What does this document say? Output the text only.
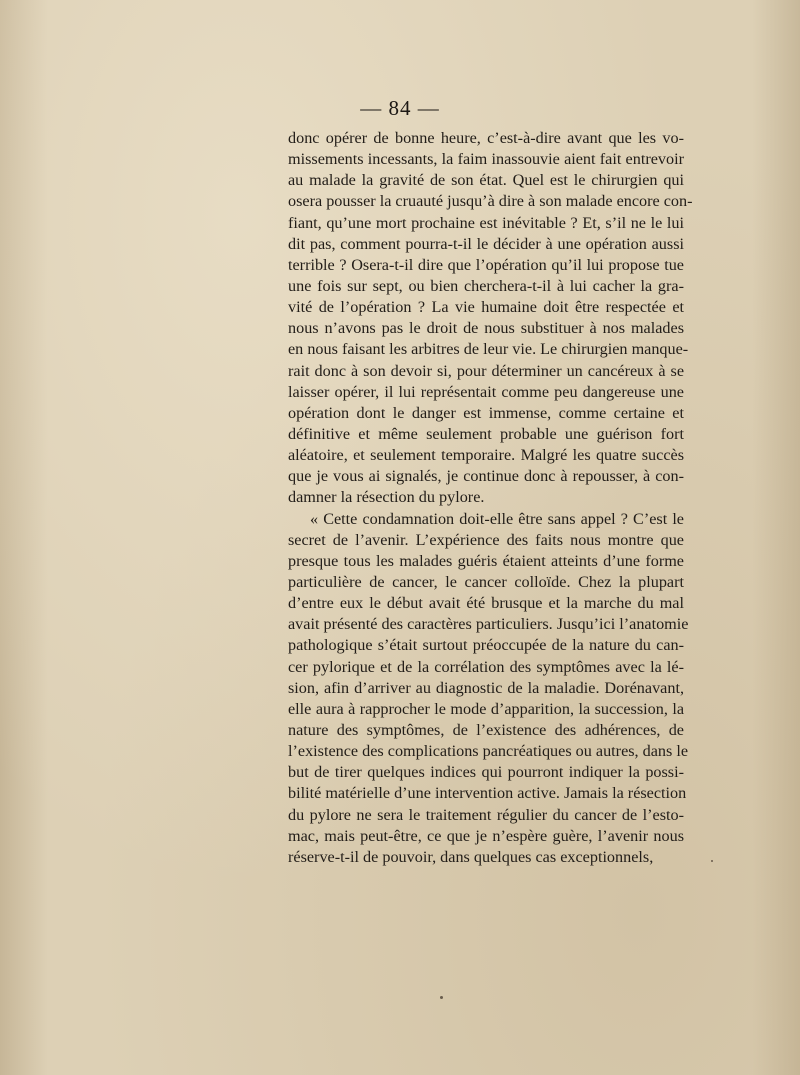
— 84 —
donc opérer de bonne heure, c’est-à-dire avant que les vo-
missements incessants, la faim inassouvie aient fait entrevoir
au malade la gravité de son état. Quel est le chirurgien qui
osera pousser la cruauté jusqu’à dire à son malade encore con-
fiant, qu’une mort prochaine est inévitable ? Et, s’il ne le lui
dit pas, comment pourra-t-il le décider à une opération aussi
terrible ? Osera-t-il dire que l’opération qu’il lui propose tue
une fois sur sept, ou bien cherchera-t-il à lui cacher la gra-
vité de l’opération ? La vie humaine doit être respectée et
nous n’avons pas le droit de nous substituer à nos malades
en nous faisant les arbitres de leur vie. Le chirurgien manque-
rait donc à son devoir si, pour déterminer un cancéreux à se
laisser opérer, il lui représentait comme peu dangereuse une
opération dont le danger est immense, comme certaine et
définitive et même seulement probable une guérison fort
aléatoire, et seulement temporaire. Malgré les quatre succès
que je vous ai signalés, je continue donc à repousser, à con-
damner la résection du pylore.
« Cette condamnation doit-elle être sans appel ? C’est le
secret de l’avenir. L’expérience des faits nous montre que
presque tous les malades guéris étaient atteints d’une forme
particulière de cancer, le cancer colloïde. Chez la plupart
d’entre eux le début avait été brusque et la marche du mal
avait présenté des caractères particuliers. Jusqu’ici l’anatomie
pathologique s’était surtout préoccupée de la nature du can-
cer pylorique et de la corrélation des symptômes avec la lé-
sion, afin d’arriver au diagnostic de la maladie. Dorénavant,
elle aura à rapprocher le mode d’apparition, la succession, la
nature des symptômes, de l’existence des adhérences, de
l’existence des complications pancréatiques ou autres, dans le
but de tirer quelques indices qui pourront indiquer la possi-
bilité matérielle d’une intervention active. Jamais la résection
du pylore ne sera le traitement régulier du cancer de l’esto-
mac, mais peut-être, ce que je n’espère guère, l’avenir nous
réserve-t-il de pouvoir, dans quelques cas exceptionnels,
